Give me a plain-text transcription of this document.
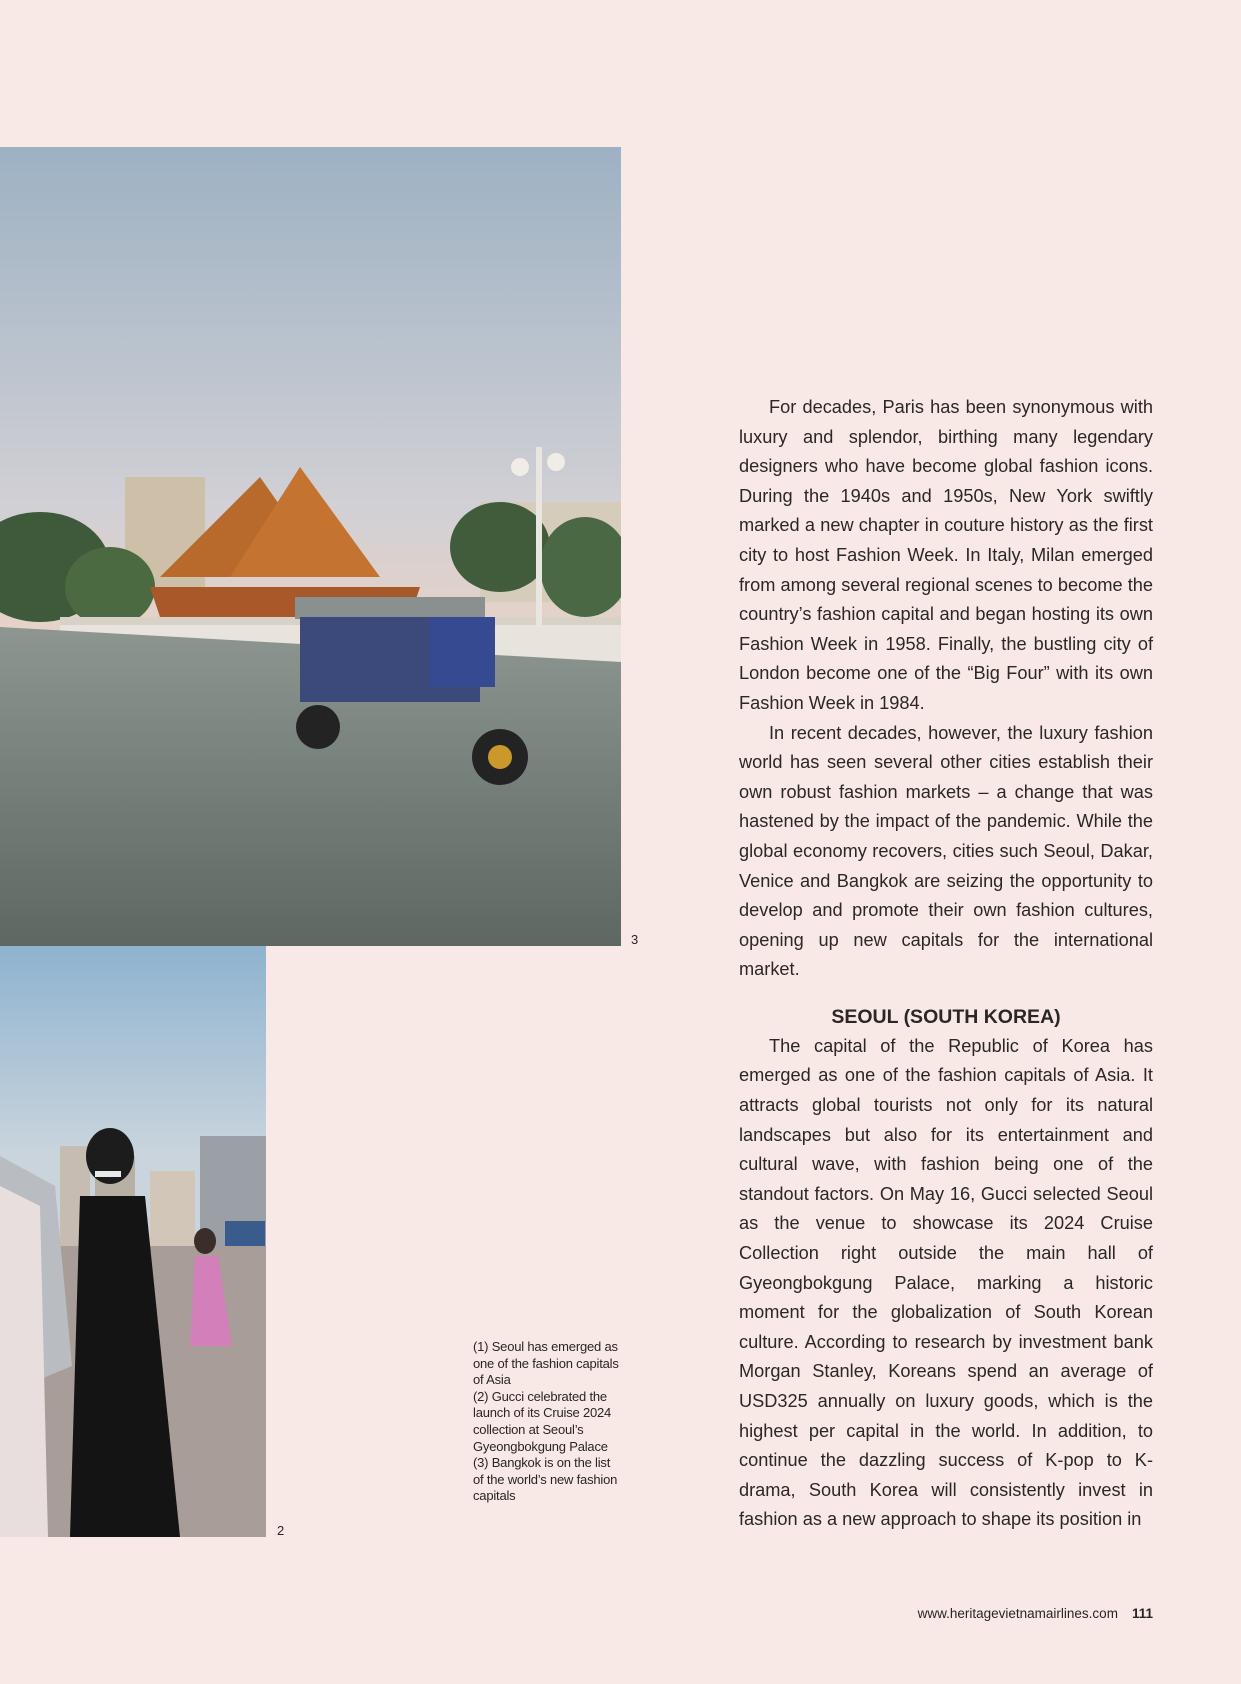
3
2

(1) Seoul has emerged as one of the fashion capitals of Asia

(2) Gucci celebrated the launch of its Cruise 2024 collection at Seoul’s Gyeongbokgung Palace

(3) Bangkok is on the list of the world’s new fashion capitals

For decades, Paris has been synonymous with luxury and splendor, birthing many legendary designers who have become global fashion icons. During the 1940s and 1950s, New York swiftly marked a new chapter in couture history as the first city to host Fashion Week. In Italy, Milan emerged from among several regional scenes to become the country’s fashion capital and began hosting its own Fashion Week in 1958. Finally, the bustling city of London become one of the “Big Four” with its own Fashion Week in 1984.

In recent decades, however, the luxury fashion world has seen several other cities establish their own robust fashion markets – a change that was hastened by the impact of the pandemic. While the global economy recovers, cities such Seoul, Dakar, Venice and Bangkok are seizing the opportunity to develop and promote their own fashion cultures, opening up new capitals for the international market.

SEOUL (SOUTH KOREA)

The capital of the Republic of Korea has emerged as one of the fashion capitals of Asia. It attracts global tourists not only for its natural landscapes but also for its entertainment and cultural wave, with fashion being one of the standout factors. On May 16, Gucci selected Seoul as the venue to showcase its 2024 Cruise Collection right outside the main hall of Gyeongbokgung Palace, marking a historic moment for the globalization of South Korean culture. According to research by investment bank Morgan Stanley, Koreans spend an average of USD325 annually on luxury goods, which is the highest per capital in the world. In addition, to continue the dazzling success of K-pop to K-drama, South Korea will consistently invest in fashion as a new approach to shape its position in

www.heritagevietnamairlines.com 111
